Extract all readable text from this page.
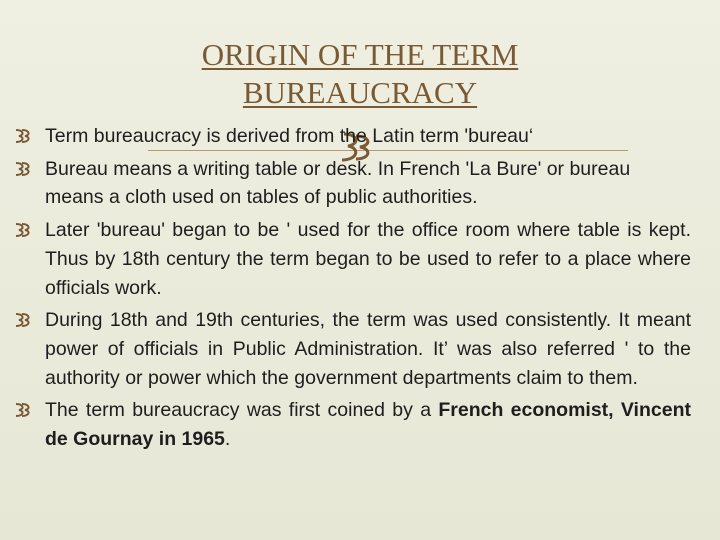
ORIGIN OF THE TERM
BUREAUCRACY
Term bureaucracy is derived from the Latin term 'bureau‘
Bureau means a writing table or desk. In French 'La Bure' or bureau means a cloth used on tables of public authorities.
Later 'bureau' began to be ' used for the office room where table is kept. Thus by 18th century the term began to be used to refer to a place where officials work.
During 18th and 19th centuries, the term was used consistently. It meant power of officials in Public Administration. It’ was also referred ' to the authority or power which the government departments claim to them.
The term bureaucracy was first coined by a French economist, Vincent de Gournay in 1965.
